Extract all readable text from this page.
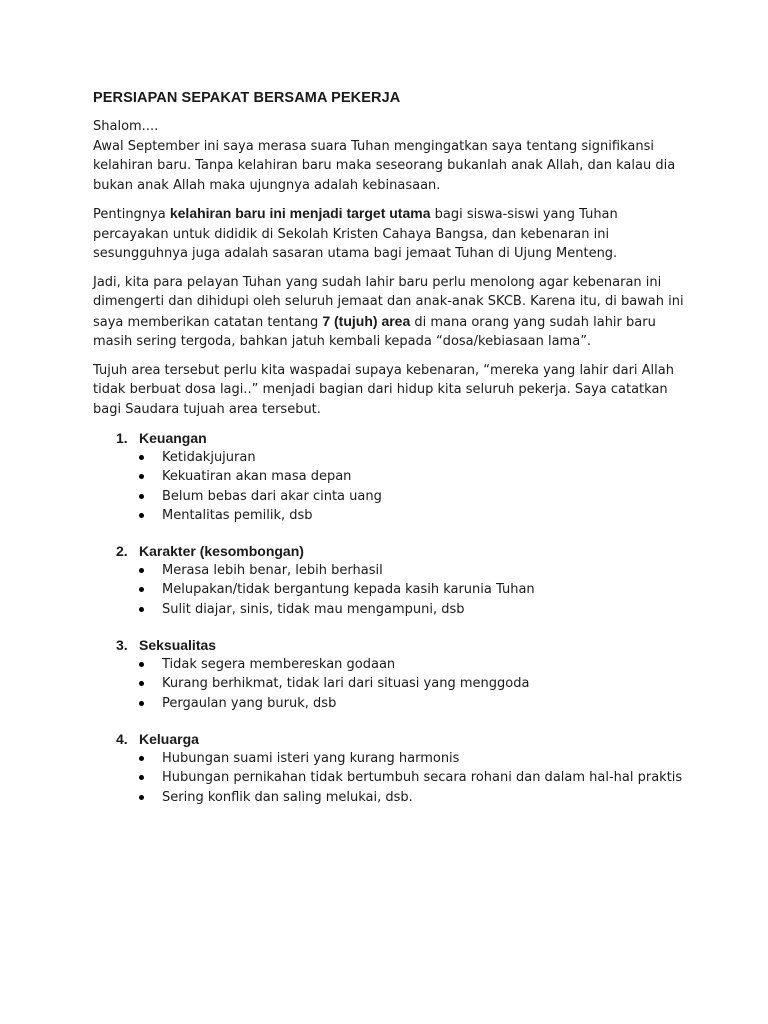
PERSIAPAN SEPAKAT BERSAMA PEKERJA

Shalom....

Awal September ini saya merasa suara Tuhan mengingatkan saya tentang signifikansi kelahiran baru. Tanpa kelahiran baru maka seseorang bukanlah anak Allah, dan kalau dia bukan anak Allah maka ujungnya adalah kebinasaan.

Pentingnya kelahiran baru ini menjadi target utama bagi siswa-siswi yang Tuhan percayakan untuk dididik di Sekolah Kristen Cahaya Bangsa, dan kebenaran ini sesungguhnya juga adalah sasaran utama bagi jemaat Tuhan di Ujung Menteng.

Jadi, kita para pelayan Tuhan yang sudah lahir baru perlu menolong agar kebenaran ini dimengerti dan dihidupi oleh seluruh jemaat dan anak-anak SKCB. Karena itu, di bawah ini saya memberikan catatan tentang 7 (tujuh) area di mana orang yang sudah lahir baru masih sering tergoda, bahkan jatuh kembali kepada “dosa/kebiasaan lama”.

Tujuh area tersebut perlu kita waspadai supaya kebenaran, “mereka yang lahir dari Allah tidak berbuat dosa lagi..” menjadi bagian dari hidup kita seluruh pekerja. Saya catatkan bagi Saudara tujuah area tersebut.

1. Keuangan
Ketidakjujuran
Kekuatiran akan masa depan
Belum bebas dari akar cinta uang
Mentalitas pemilik, dsb
2. Karakter (kesombongan)
Merasa lebih benar, lebih berhasil
Melupakan/tidak bergantung kepada kasih karunia Tuhan
Sulit diajar, sinis, tidak mau mengampuni, dsb
3. Seksualitas
Tidak segera membereskan godaan
Kurang berhikmat, tidak lari dari situasi yang menggoda
Pergaulan yang buruk, dsb
4. Keluarga
Hubungan suami isteri yang kurang harmonis
Hubungan pernikahan tidak bertumbuh secara rohani dan dalam hal-hal praktis
Sering konflik dan saling melukai, dsb.
